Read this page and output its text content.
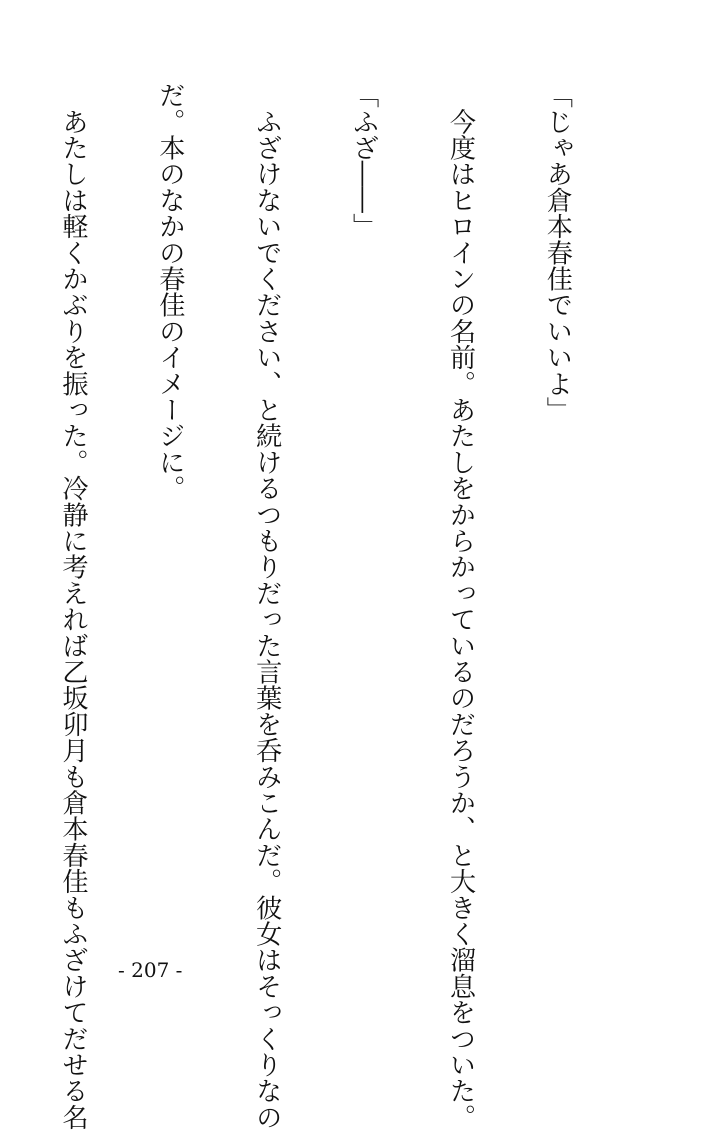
「じゃあ倉本春佳でいいよ」

　今度はヒロインの名前。あたしをからかっているのだろうか、と大きく溜息をついた。

「ふざ――」

　ふざけないでください、と続けるつもりだった言葉を呑みこんだ。彼女はそっくりなの

だ。本のなかの春佳のイメージに。

　あたしは軽くかぶりを振った。冷静に考えれば乙坂卯月も倉本春佳もふざけてだせる名

- 207 -
